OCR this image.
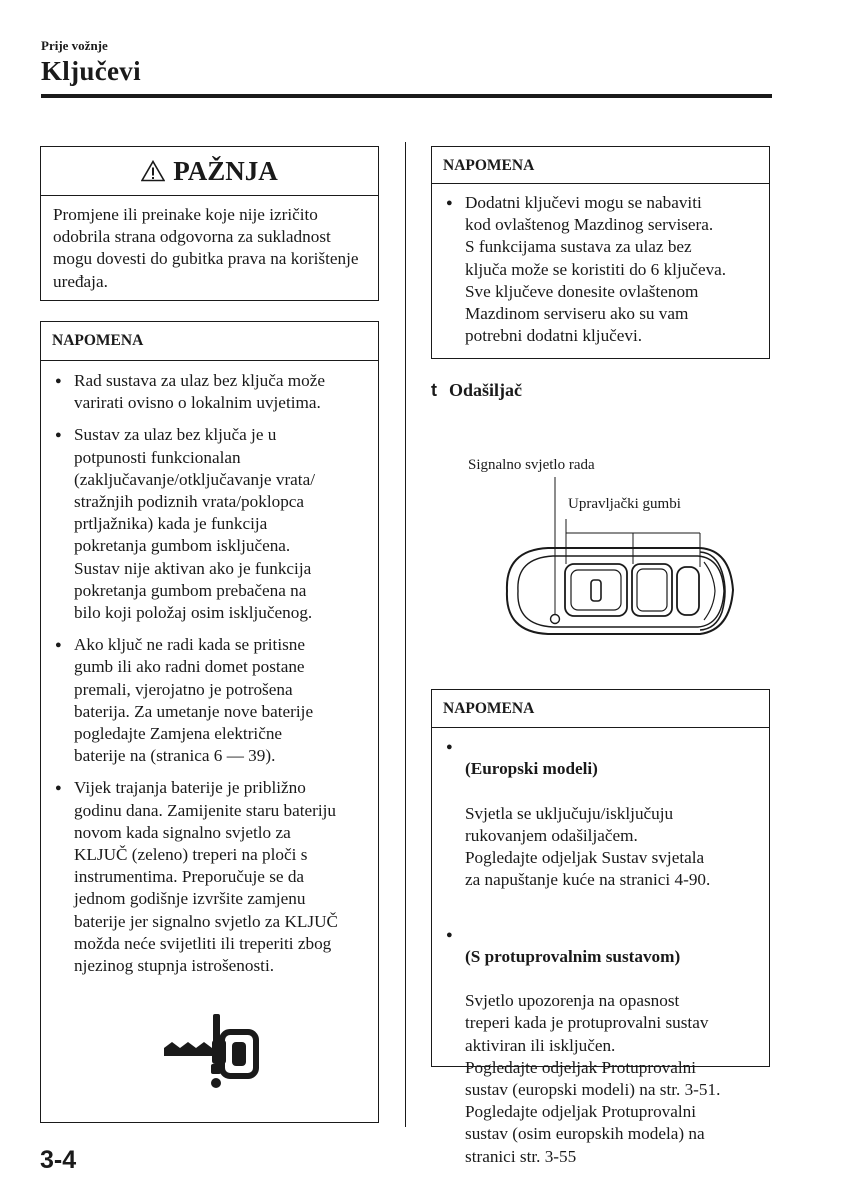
Prije vožnje
Ključevi
PAŽNJA
Promjene ili preinake koje nije izričito odobrila strana odgovorna za sukladnost mogu dovesti do gubitka prava na korištenje uređaja.
NAPOMENA
● Rad sustava za ulaz bez ključa može
varirati ovisno o lokalnim uvjetima.
● Sustav za ulaz bez ključa je u
potpunosti funkcionalan
(zaključavanje/otključavanje vrata/
stražnjih podiznih vrata/poklopca
prtljažnika) kada je funkcija
pokretanja gumbom isključena.
Sustav nije aktivan ako je funkcija
pokretanja gumbom prebačena na
bilo koji položaj osim isključenog.
● Ako ključ ne radi kada se pritisne
gumb ili ako radni domet postane
premali, vjerojatno je potrošena
baterija. Za umetanje nove baterije
pogledajte Zamjena električne
baterije na (stranica 6 — 39).
● Vijek trajanja baterije je približno
godinu dana. Zamijenite staru bateriju
novom kada signalno svjetlo za
KLJUČ (zeleno) treperi na ploči s
instrumentima. Preporučuje se da
jednom godišnje izvršite zamjenu
baterije jer signalno svjetlo za KLJUČ
možda neće svijetliti ili treperiti zbog
njezinog stupnja istrošenosti.
NAPOMENA
● Dodatni ključevi mogu se nabaviti
kod ovlaštenog Mazdinog servisera.
S funkcijama sustava za ulaz bez
ključa može se koristiti do 6 ključeva.
Sve ključeve donesite ovlaštenom
Mazdinom serviseru ako su vam
potrebni dodatni ključevi.
t Odašiljač
Signalno svjetlo rada
Upravljački gumbi
NAPOMENA

● (Europski modeli)

Svjetla se uključuju/isključuju
rukovanjem odašiljačem.
Pogledajte odjeljak Sustav svjetala
za napuštanje kuće na stranici 4-90.

● (S protuprovalnim sustavom)

Svjetlo upozorenja na opasnost
treperi kada je protuprovalni sustav
aktiviran ili isključen.
Pogledajte odjeljak Protuprovalni
sustav (europski modeli) na str. 3-51.
Pogledajte odjeljak Protuprovalni
sustav (osim europskih modela) na
stranici str. 3-55

3-4
